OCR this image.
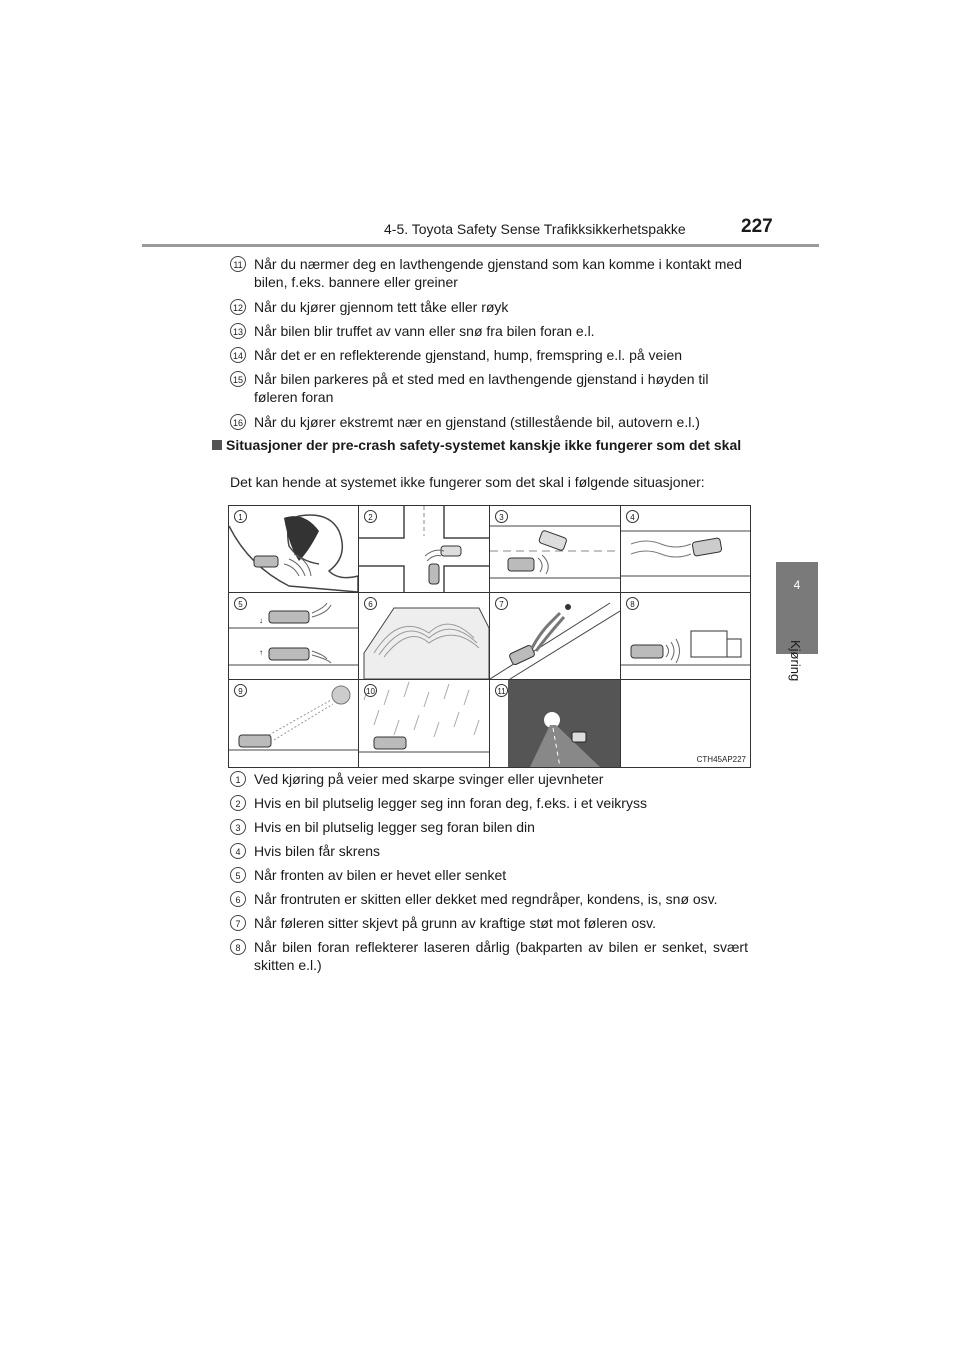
4-5. Toyota Safety Sense Trafikksikkerhetspakke	227
4
Kjøring
11 Når du nærmer deg en lavthengende gjenstand som kan komme i kontakt med bilen, f.eks. bannere eller greiner
12 Når du kjører gjennom tett tåke eller røyk
13 Når bilen blir truffet av vann eller snø fra bilen foran e.l.
14 Når det er en reflekterende gjenstand, hump, fremspring e.l. på veien
15 Når bilen parkeres på et sted med en lavthengende gjenstand i høyden til føleren foran
16 Når du kjører ekstremt nær en gjenstand (stillestående bil, autovern e.l.)
Situasjoner der pre-crash safety-systemet kanskje ikke fungerer som det skal
Det kan hende at systemet ikke fungerer som det skal i følgende situasjoner:
1	2	3	4
5
↓
↑
6	7	8
9	10	11
CTH45AP227
1 Ved kjøring på veier med skarpe svinger eller ujevnheter
2 Hvis en bil plutselig legger seg inn foran deg, f.eks. i et veikryss
3 Hvis en bil plutselig legger seg foran bilen din
4 Hvis bilen får skrens
5 Når fronten av bilen er hevet eller senket
6 Når frontruten er skitten eller dekket med regndråper, kondens, is, snø osv.
7 Når føleren sitter skjevt på grunn av kraftige støt mot føleren osv.
8 Når bilen foran reflekterer laseren dårlig (bakparten av bilen er senket, svært skitten e.l.)
